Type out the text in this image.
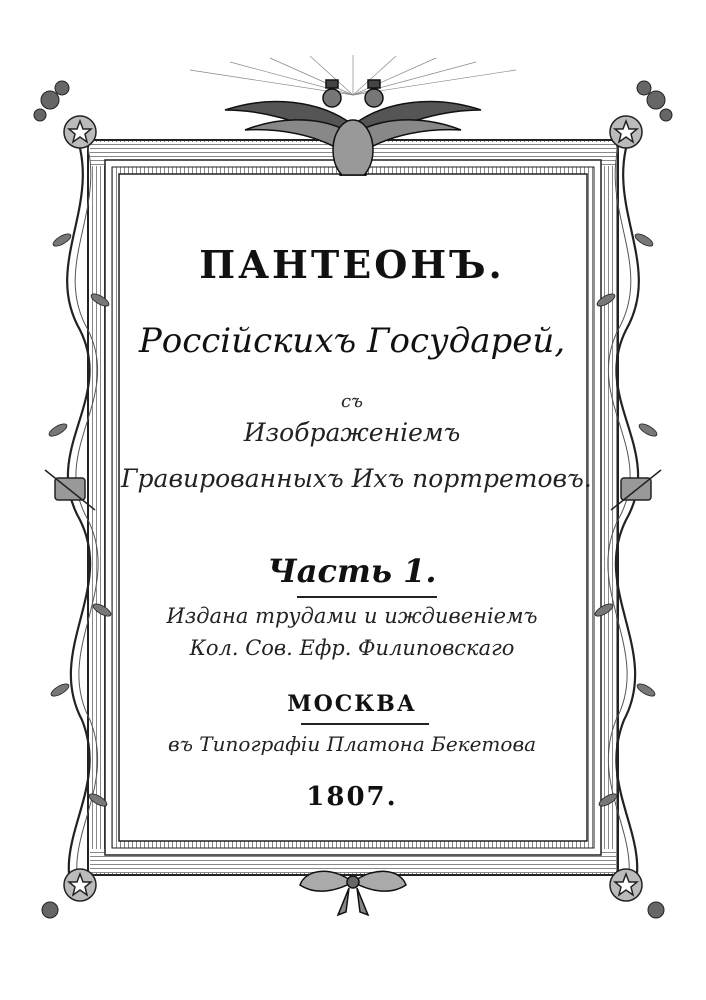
ПАНТЕОНЪ.
Россійскихъ Государей,
съ
Изображеніемъ
Гравированныхъ Ихъ портретовъ.
Часть 1.
Издана трудами и иждивеніемъ
Кол. Сов. Ефр. Филиповскаго
МОСКВА
въ Типографіи Платона Бекетова
1807.
